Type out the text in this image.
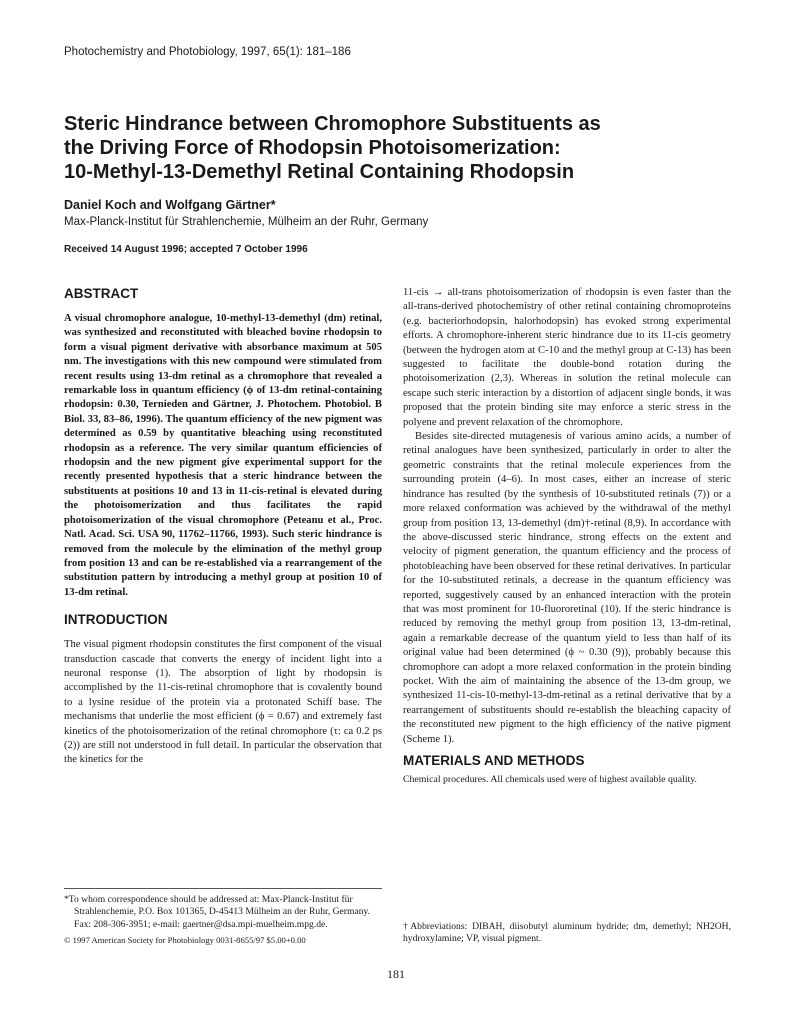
Photochemistry and Photobiology, 1997, 65(1): 181–186
Steric Hindrance between Chromophore Substituents as
the Driving Force of Rhodopsin Photoisomerization:
10-Methyl-13-Demethyl Retinal Containing Rhodopsin
Daniel Koch and Wolfgang Gärtner*
Max-Planck-Institut für Strahlenchemie, Mülheim an der Ruhr, Germany
Received 14 August 1996; accepted 7 October 1996
ABSTRACT

A visual chromophore analogue, 10-methyl-13-demethyl (dm) retinal, was synthesized and reconstituted with bleached bovine rhodopsin to form a visual pigment derivative with absorbance maximum at 505 nm. The investigations with this new compound were stimulated from recent results using 13-dm retinal as a chromophore that revealed a remarkable loss in quantum efficiency (ϕ of 13-dm retinal-containing rhodopsin: 0.30, Ternieden and Gärtner, J. Photochem. Photobiol. B Biol. 33, 83–86, 1996). The quantum efficiency of the new pigment was determined as 0.59 by quantitative bleaching using reconstituted rhodopsin as a reference. The very similar quantum efficiencies of rhodopsin and the new pigment give experimental support for the recently presented hypothesis that a steric hindrance between the substituents at positions 10 and 13 in 11-cis-retinal is elevated during the photoisomerization and thus facilitates the rapid photoisomerization of the visual chromophore (Peteanu et al., Proc. Natl. Acad. Sci. USA 90, 11762–11766, 1993). Such steric hindrance is removed from the molecule by the elimination of the methyl group from position 13 and can be re-established via a rearrangement of the substitution pattern by introducing a methyl group at position 10 of 13-dm retinal.

INTRODUCTION

The visual pigment rhodopsin constitutes the first component of the visual transduction cascade that converts the energy of incident light into a neuronal response (1). The absorption of light by rhodopsin is accomplished by the 11-cis-retinal chromophore that is covalently bound to a lysine residue of the protein via a protonated Schiff base. The mechanisms that underlie the most efficient (ϕ = 0.67) and extremely fast kinetics of the photoisomerization of the retinal chromophore (τ: ca 0.2 ps (2)) are still not understood in full detail. In particular the observation that the kinetics for the

11-cis → all-trans photoisomerization of rhodopsin is even faster than the all-trans-derived photochemistry of other retinal containing chromoproteins (e.g. bacteriorhodopsin, halorhodopsin) has evoked strong experimental efforts. A chromophore-inherent steric hindrance due to its 11-cis geometry (between the hydrogen atom at C-10 and the methyl group at C-13) has been suggested to facilitate the double-bond rotation during the photoisomerization (2,3). Whereas in solution the retinal molecule can escape such steric interaction by a distortion of adjacent single bonds, it was proposed that the protein binding site may enforce a steric stress in the polyene and prevent relaxation of the chromophore.

Besides site-directed mutagenesis of various amino acids, a number of retinal analogues have been synthesized, particularly in order to alter the geometric constraints that the retinal molecule experiences from the surrounding protein (4–6). In most cases, either an increase of steric hindrance has resulted (by the synthesis of 10-substituted retinals (7)) or a more relaxed conformation was achieved by the withdrawal of the methyl group from position 13, 13-demethyl (dm)†-retinal (8,9). In accordance with the above-discussed steric hindrance, strong effects on the extent and velocity of pigment generation, the quantum efficiency and the process of photobleaching have been observed for these retinal derivatives. In particular for the 10-substituted retinals, a decrease in the quantum efficiency was reported, suggestively caused by an enhanced interaction with the protein that was most prominent for 10-fluororetinal (10). If the steric hindrance is reduced by removing the methyl group from position 13, 13-dm-retinal, again a remarkable decrease of the quantum yield to less than half of its original value had been determined (ϕ ~ 0.30 (9)), probably because this chromophore can adopt a more relaxed conformation in the protein binding pocket. With the aim of maintaining the absence of the 13-dm group, we synthesized 11-cis-10-methyl-13-dm-retinal as a retinal derivative that by a rearrangement of substituents should re-establish the bleaching capacity of the reconstituted new pigment to the high efficiency of the native pigment (Scheme 1).

MATERIALS AND METHODS

Chemical procedures. All chemicals used were of highest available quality.

*To whom correspondence should be addressed at: Max-Planck-Institut für Strahlenchemie, P.O. Box 101365, D-45413 Mülheim an der Ruhr, Germany. Fax: 208-306-3951; e-mail: gaertner@dsa.mpi-muelheim.mpg.de.

© 1997 American Society for Photobiology 0031-8655/97 $5.00+0.00

†Abbreviations: DIBAH, diisobutyl aluminum hydride; dm, demethyl; NH2OH, hydroxylamine; VP, visual pigment.

181
